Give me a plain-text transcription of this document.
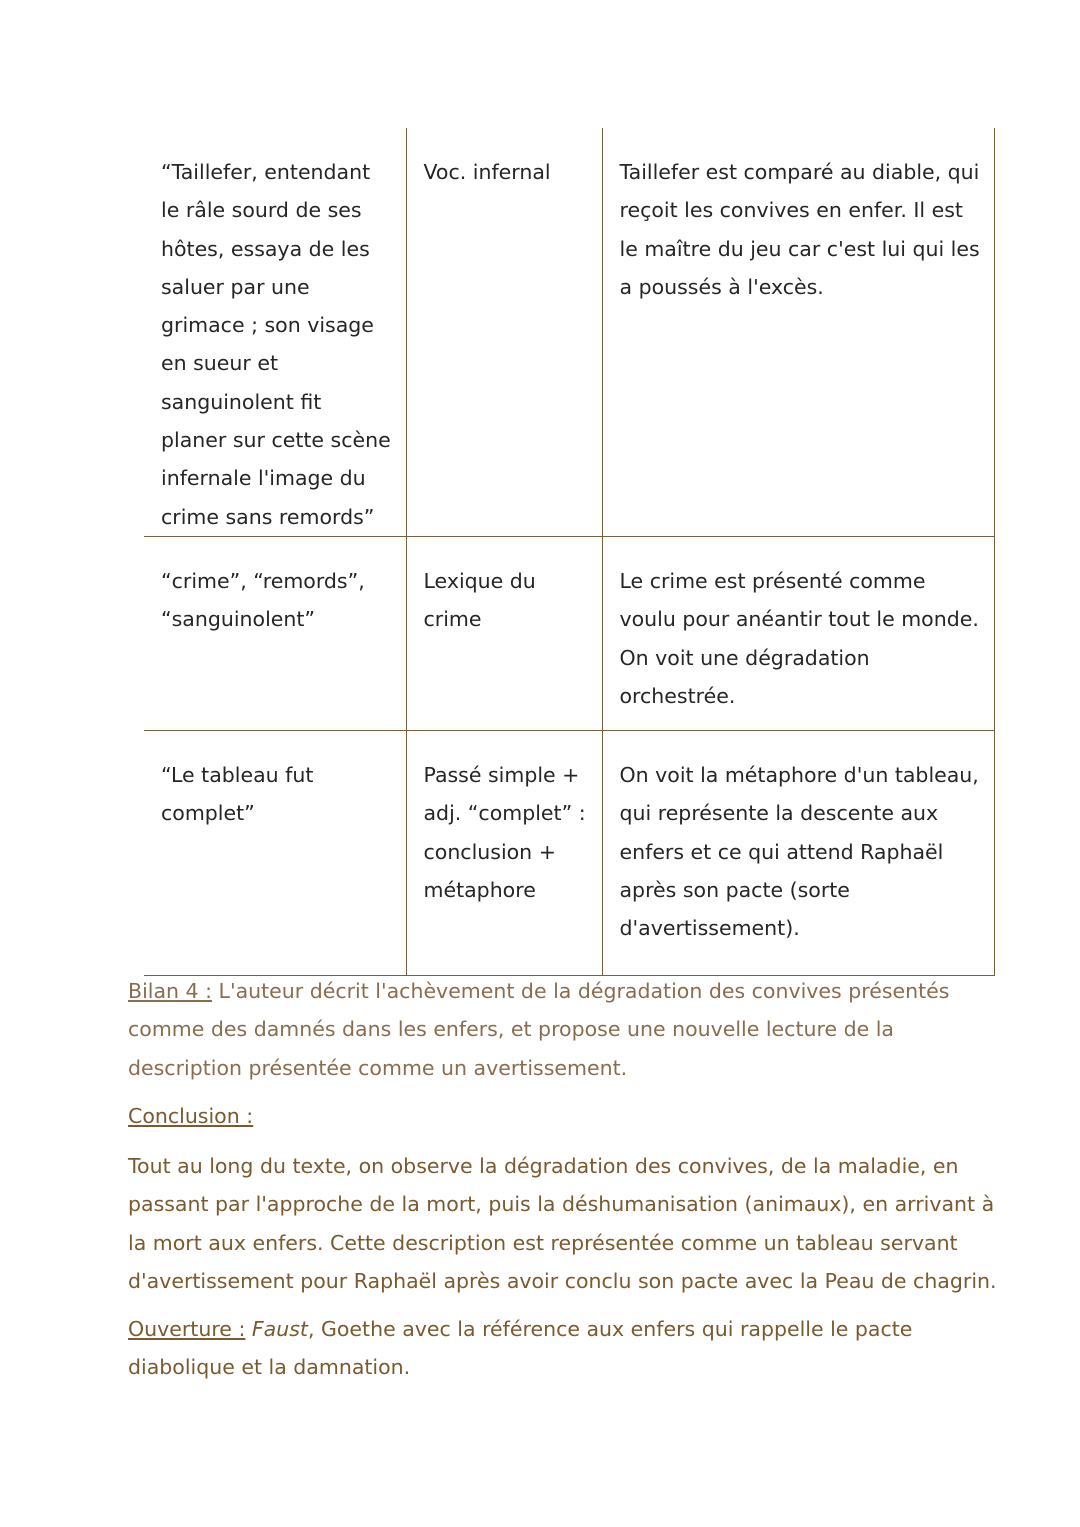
“Taillefer, entendant le râle sourd de ses hôtes, essaya de les saluer par une grimace ; son visage en sueur et sanguinolent fit planer sur cette scène infernale l'image du crime sans remords”	Voc. infernal	Taillefer est comparé au diable, qui reçoit les convives en enfer. Il est le maître du jeu car c'est lui qui les a poussés à l'excès.
“crime”, “remords”, “sanguinolent”	Lexique du crime	Le crime est présenté comme voulu pour anéantir tout le monde. On voit une dégradation orchestrée.
“Le tableau fut complet”	Passé simple + adj. “complet” : conclusion + métaphore	On voit la métaphore d'un tableau, qui représente la descente aux enfers et ce qui attend Raphaël après son pacte (sorte d'avertissement).

Bilan 4 : L'auteur décrit l'achèvement de la dégradation des convives présentés comme des damnés dans les enfers, et propose une nouvelle lecture de la description présentée comme un avertissement.

Conclusion :

Tout au long du texte, on observe la dégradation des convives, de la maladie, en passant par l'approche de la mort, puis la déshumanisation (animaux), en arrivant à la mort aux enfers. Cette description est représentée comme un tableau servant d'avertissement pour Raphaël après avoir conclu son pacte avec la Peau de chagrin.

Ouverture : Faust, Goethe avec la référence aux enfers qui rappelle le pacte diabolique et la damnation.
